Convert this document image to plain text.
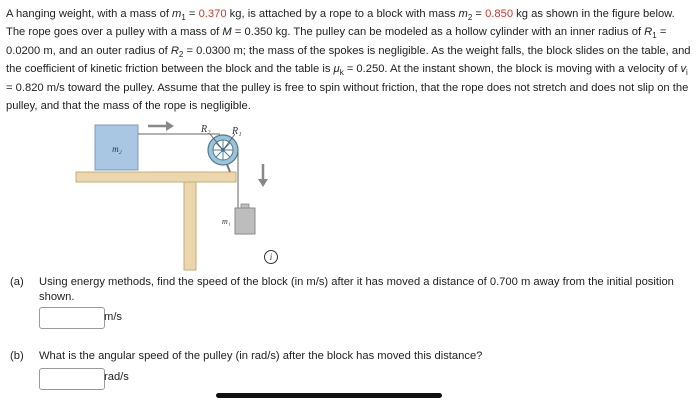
A hanging weight, with a mass of $m_1 = 0.370$ kg, is attached by a rope to a block with mass $m_2 = 0.850$ kg as shown in the figure below. The rope goes over a pulley with a mass of M = 0.350 kg. The pulley can be modeled as a hollow cylinder with an inner radius of $R_1 = 0.0200$ m, and an outer radius of $R_2 = 0.0300$ m; the mass of the spokes is negligible. As the weight falls, the block slides on the table, and the coefficient of kinetic friction between the block and the table is $\mu_k = 0.250$. At the instant shown, the block is moving with a velocity of $v_i = 0.820$ m/s toward the pulley. Assume that the pulley is free to spin without friction, that the rope does not stretch and does not slip on the pulley, and that the mass of the rope is negligible.
m₂
R₂ R₁
m₁
i
(a) Using energy methods, find the speed of the block (in m/s) after it has moved a distance of 0.700 m away from the initial position shown.
m/s
(b) What is the angular speed of the pulley (in rad/s) after the block has moved this distance?
rad/s
